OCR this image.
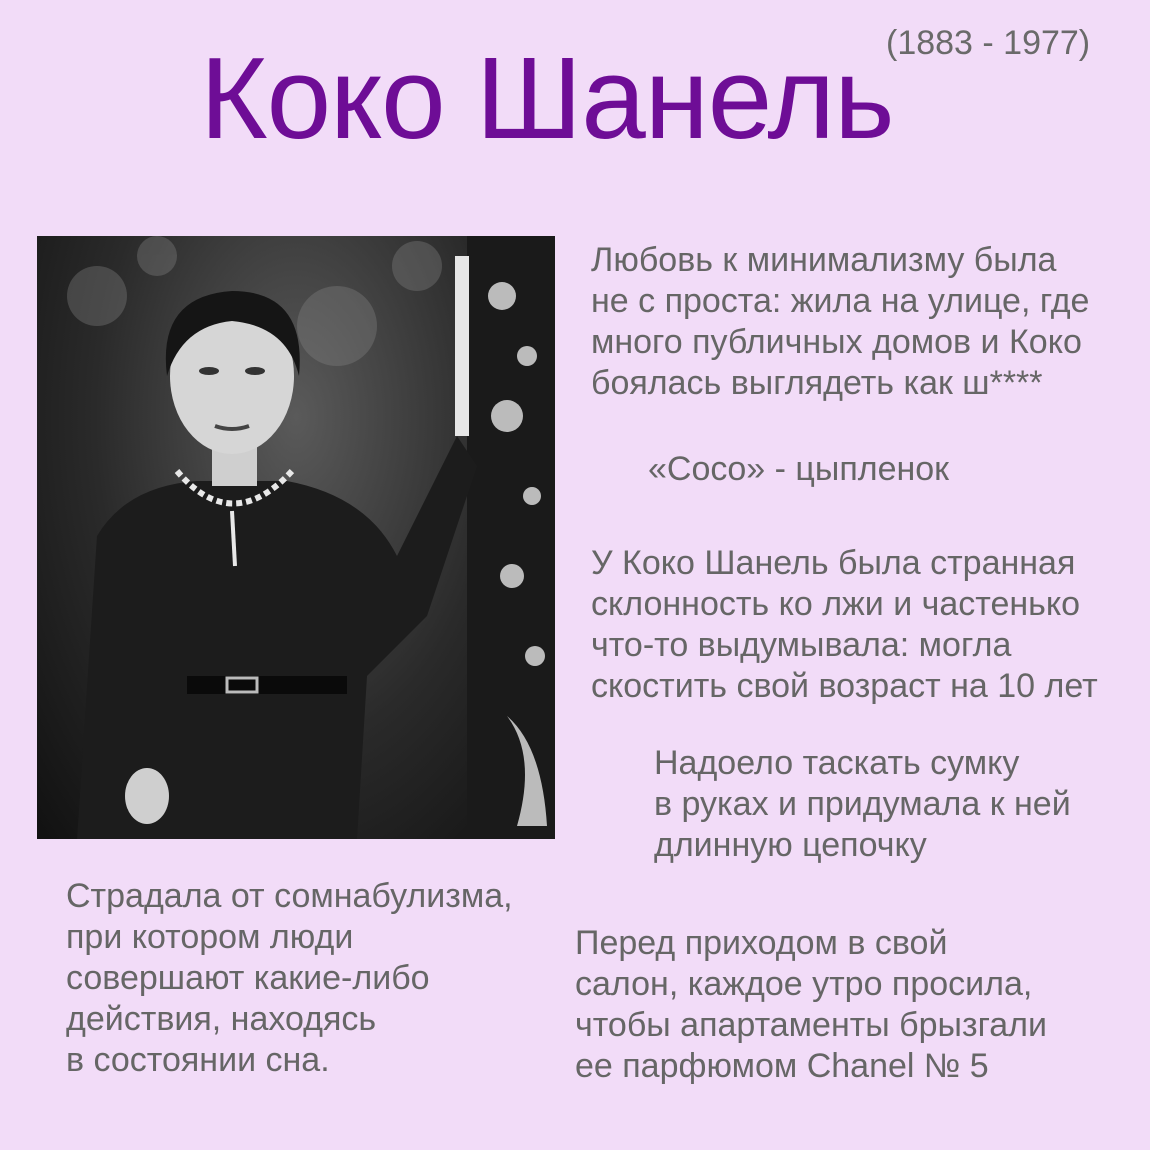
Коко Шанель
(1883 - 1977)
Любовь к минимализму была
не с проста: жила на улице, где
много публичных домов и Коко
боялась выглядеть как ш****
«Coco» - цыпленок
У Коко Шанель была странная
склонность ко лжи и частенько
что-то выдумывала: могла
скостить свой возраст на 10 лет
Надоело таскать сумку
в руках и придумала к ней
длинную цепочку
Страдала от сомнабулизма,
при котором люди
совершают какие-либо
действия, находясь
в состоянии сна.
Перед приходом в свой
салон, каждое утро просила,
чтобы апартаменты брызгали
ее парфюмом Chanel № 5
